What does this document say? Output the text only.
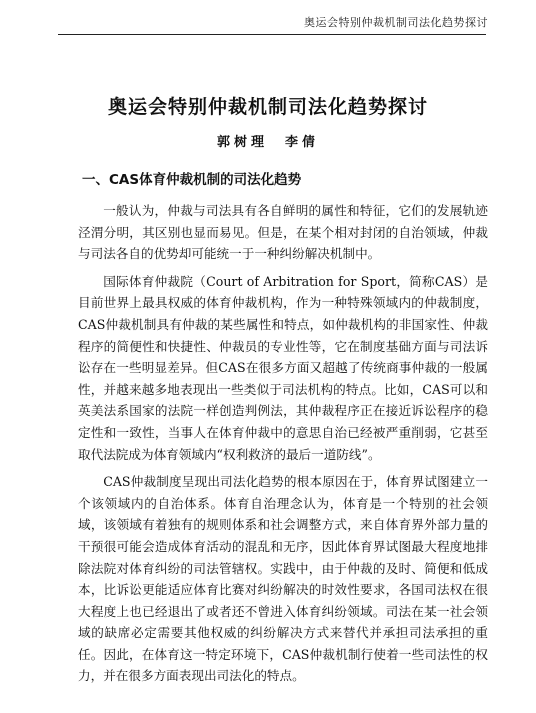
奥运会特别仲裁机制司法化趋势探讨
奥运会特别仲裁机制司法化趋势探讨
郭树理　李倩
一、CAS体育仲裁机制的司法化趋势

一般认为，仲裁与司法具有各自鲜明的属性和特征，它们的发展轨迹泾渭分明，其区别也显而易见。但是，在某个相对封闭的自治领域，仲裁与司法各自的优势却可能统一于一种纠纷解决机制中。

国际体育仲裁院（Court of Arbitration for Sport，简称CAS）是目前世界上最具权威的体育仲裁机构，作为一种特殊领域内的仲裁制度，CAS仲裁机制具有仲裁的某些属性和特点，如仲裁机构的非国家性、仲裁程序的简便性和快捷性、仲裁员的专业性等，它在制度基础方面与司法诉讼存在一些明显差异。但CAS在很多方面又超越了传统商事仲裁的一般属性，并越来越多地表现出一些类似于司法机构的特点。比如，CAS可以和英美法系国家的法院一样创造判例法，其仲裁程序正在接近诉讼程序的稳定性和一致性，当事人在体育仲裁中的意思自治已经被严重削弱，它甚至取代法院成为体育领域内“权利救济的最后一道防线”。

CAS仲裁制度呈现出司法化趋势的根本原因在于，体育界试图建立一个该领域内的自治体系。体育自治理念认为，体育是一个特别的社会领域，该领域有着独有的规则体系和社会调整方式，来自体育界外部力量的干预很可能会造成体育活动的混乱和无序，因此体育界试图最大程度地排除法院对体育纠纷的司法管辖权。实践中，由于仲裁的及时、简便和低成本，比诉讼更能适应体育比赛对纠纷解决的时效性要求，各国司法权在很大程度上也已经退出了或者还不曾进入体育纠纷领域。司法在某一社会领域的缺席必定需要其他权威的纠纷解决方式来替代并承担司法承担的重任。因此，在体育这一特定环境下，CAS仲裁机制行使着一些司法性的权力，并在很多方面表现出司法化的特点。
